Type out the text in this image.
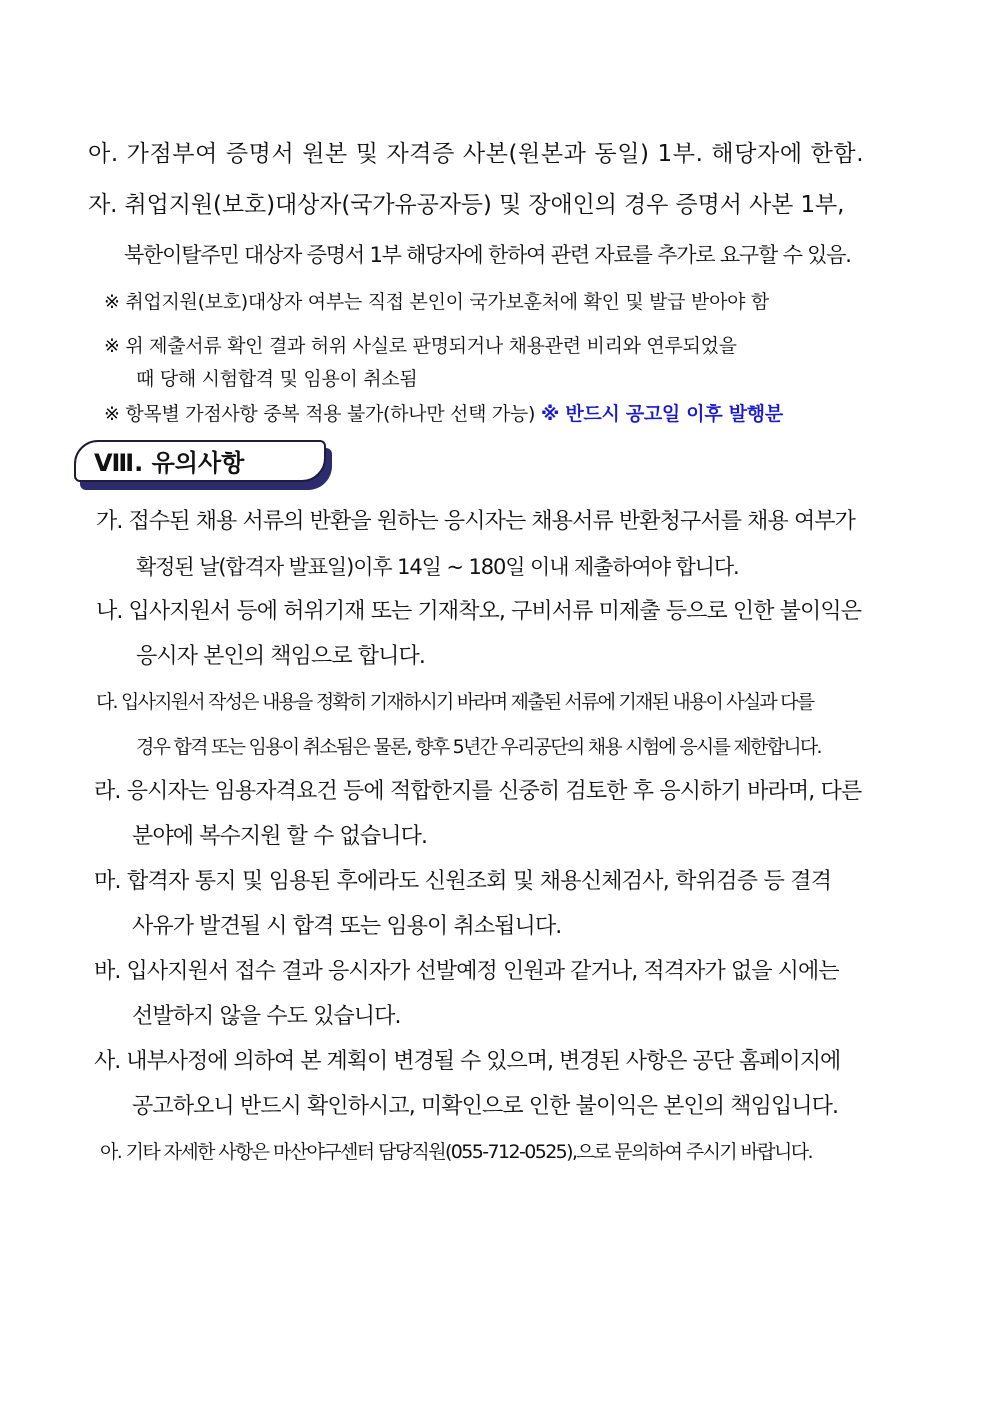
아. 가점부여 증명서 원본 및 자격증 사본(원본과 동일) 1부. 해당자에 한함.
자. 취업지원(보호)대상자(국가유공자등) 및 장애인의 경우 증명서 사본 1부,
북한이탈주민 대상자 증명서 1부 해당자에 한하여 관련 자료를 추가로 요구할 수 있음.
※ 취업지원(보호)대상자 여부는 직접 본인이 국가보훈처에 확인 및 발급 받아야 함
※ 위 제출서류 확인 결과 허위 사실로 판명되거나 채용관련 비리와 연루되었을
때 당해 시험합격 및 임용이 취소됨
※ 항목별 가점사항 중복 적용 불가(하나만 선택 가능) ※ 반드시 공고일 이후 발행분
Ⅷ. 유의사항
가. 접수된 채용 서류의 반환을 원하는 응시자는 채용서류 반환청구서를 채용 여부가
확정된 날(합격자 발표일)이후 14일 ~ 180일 이내 제출하여야 합니다.
나. 입사지원서 등에 허위기재 또는 기재착오, 구비서류 미제출 등으로 인한 불이익은
응시자 본인의 책임으로 합니다.
다. 입사지원서 작성은 내용을 정확히 기재하시기 바라며 제출된 서류에 기재된 내용이 사실과 다를
경우 합격 또는 임용이 취소됨은 물론, 향후 5년간 우리공단의 채용 시험에 응시를 제한합니다.
라. 응시자는 임용자격요건 등에 적합한지를 신중히 검토한 후 응시하기 바라며, 다른
분야에 복수지원 할 수 없습니다.
마. 합격자 통지 및 임용된 후에라도 신원조회 및 채용신체검사, 학위검증 등 결격
사유가 발견될 시 합격 또는 임용이 취소됩니다.
바. 입사지원서 접수 결과 응시자가 선발예정 인원과 같거나, 적격자가 없을 시에는
선발하지 않을 수도 있습니다.
사. 내부사정에 의하여 본 계획이 변경될 수 있으며, 변경된 사항은 공단 홈페이지에
공고하오니 반드시 확인하시고, 미확인으로 인한 불이익은 본인의 책임입니다.
아. 기타 자세한 사항은 마산야구센터 담당직원(055-712-0525),으로 문의하여 주시기 바랍니다.
